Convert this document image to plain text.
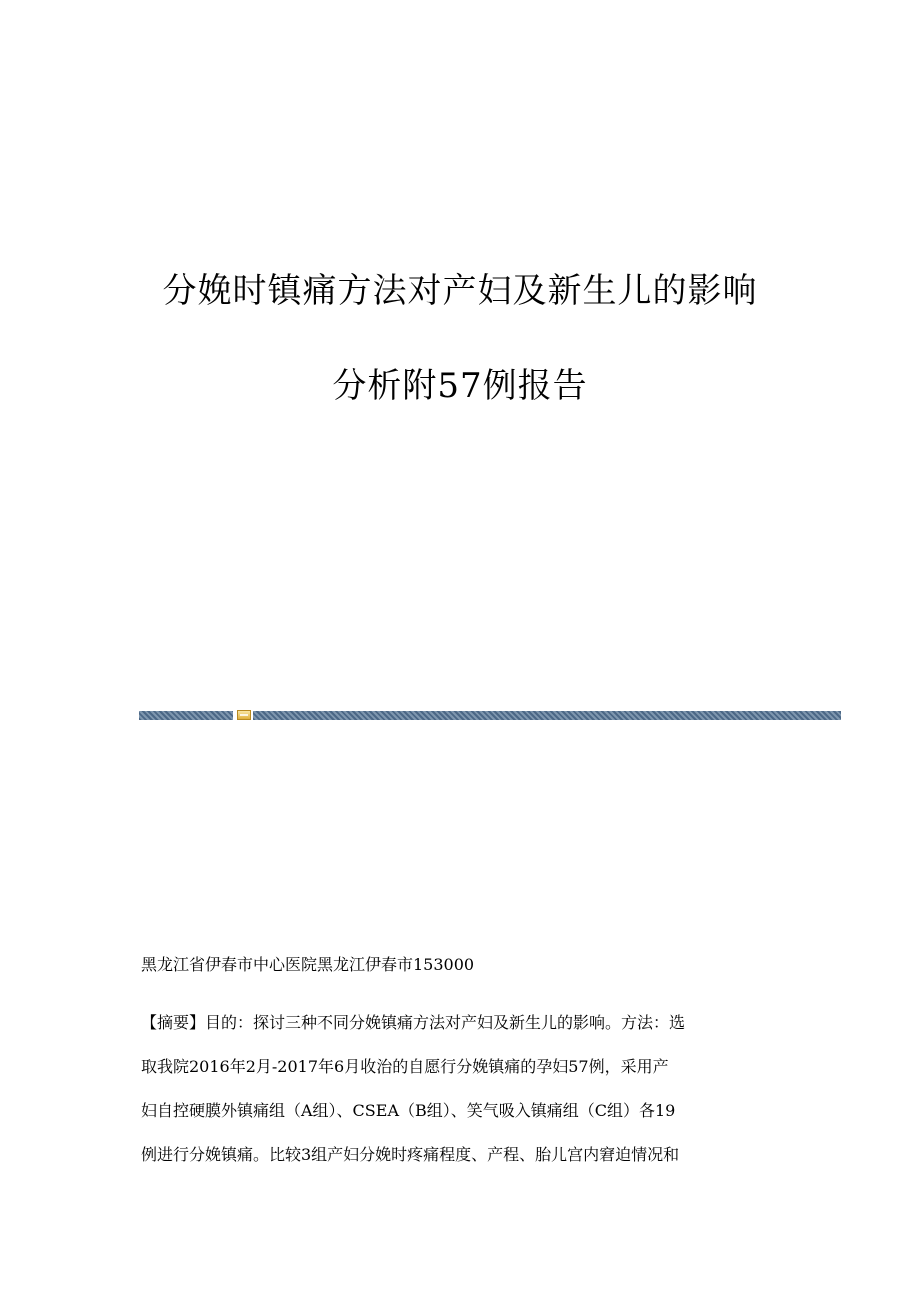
分娩时镇痛方法对产妇及新生儿的影响
分析附57例报告
黑龙江省伊春市中心医院黑龙江伊春市153000
【摘要】目的：探讨三种不同分娩镇痛方法对产妇及新生儿的影响。方法：选
取我院2016年2月-2017年6月收治的自愿行分娩镇痛的孕妇57例，采用产
妇自控硬膜外镇痛组（A组）、CSEA（B组）、笑气吸入镇痛组（C组）各19
例进行分娩镇痛。比较3组产妇分娩时疼痛程度、产程、胎儿宫内窘迫情况和
